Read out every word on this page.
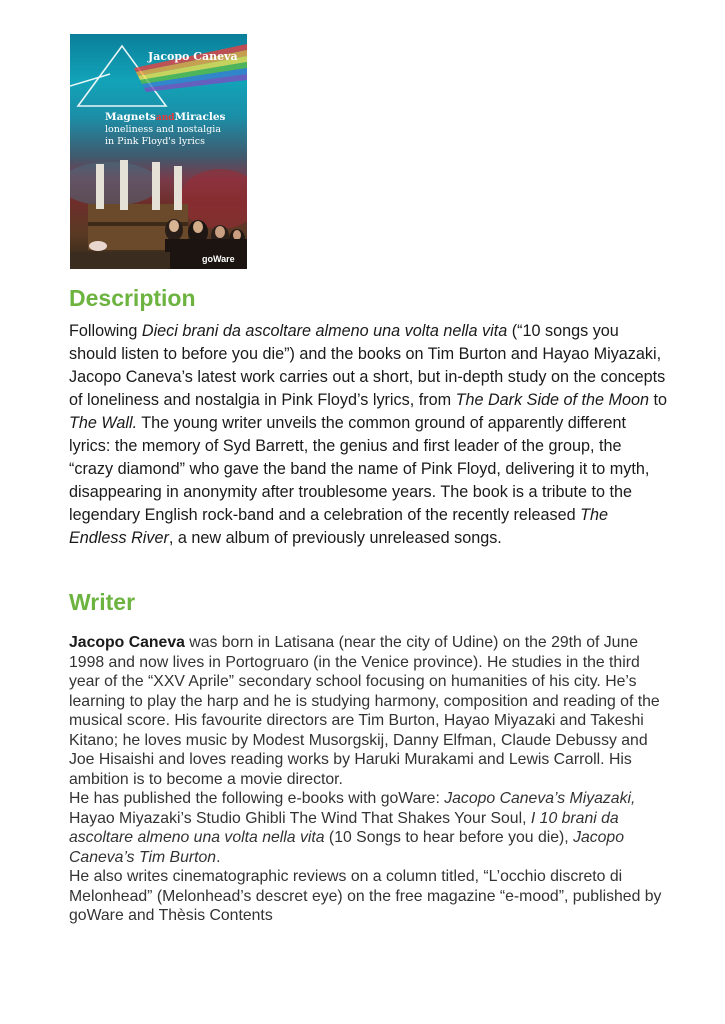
Jacopo Caneva
MagnetsandMiracles
loneliness and nostalgia
in Pink Floyd's lyrics
goWare
Description

Following Dieci brani da ascoltare almeno una volta nella vita (“10 songs you should listen to before you die”) and the books on Tim Burton and Hayao Miyazaki, Jacopo Caneva’s latest work carries out a short, but in-depth study on the concepts of loneliness and nostalgia in Pink Floyd’s lyrics, from The Dark Side of the Moon to The Wall. The young writer unveils the common ground of apparently different lyrics: the memory of Syd Barrett, the genius and first leader of the group, the “crazy diamond” who gave the band the name of Pink Floyd, delivering it to myth, disappearing in anonymity after troublesome years. The book is a tribute to the legendary English rock-band and a celebration of the recently released The Endless River, a new album of previously unreleased songs.

Writer
Jacopo Caneva was born in Latisana (near the city of Udine) on the 29th of June 1998 and now lives in Portogruaro (in the Venice province). He studies in the third year of the “XXV Aprile” secondary school focusing on humanities of his city. He’s learning to play the harp and he is studying harmony, composition and reading of the musical score. His favourite directors are Tim Burton, Hayao Miyazaki and Takeshi Kitano; he loves music by Modest Musorgskij, Danny Elfman, Claude Debussy and Joe Hisaishi and loves reading works by Haruki Murakami and Lewis Carroll. His ambition is to become a movie director.
He has published the following e-books with goWare: Jacopo Caneva’s Miyazaki, Hayao Miyazaki’s Studio Ghibli The Wind That Shakes Your Soul, I 10 brani da ascoltare almeno una volta nella vita (10 Songs to hear before you die), Jacopo Caneva’s Tim Burton.
He also writes cinematographic reviews on a column titled, “L’occhio discreto di Melonhead” (Melonhead’s descret eye) on the free magazine “e-mood”, published by goWare and Thèsis Contents
